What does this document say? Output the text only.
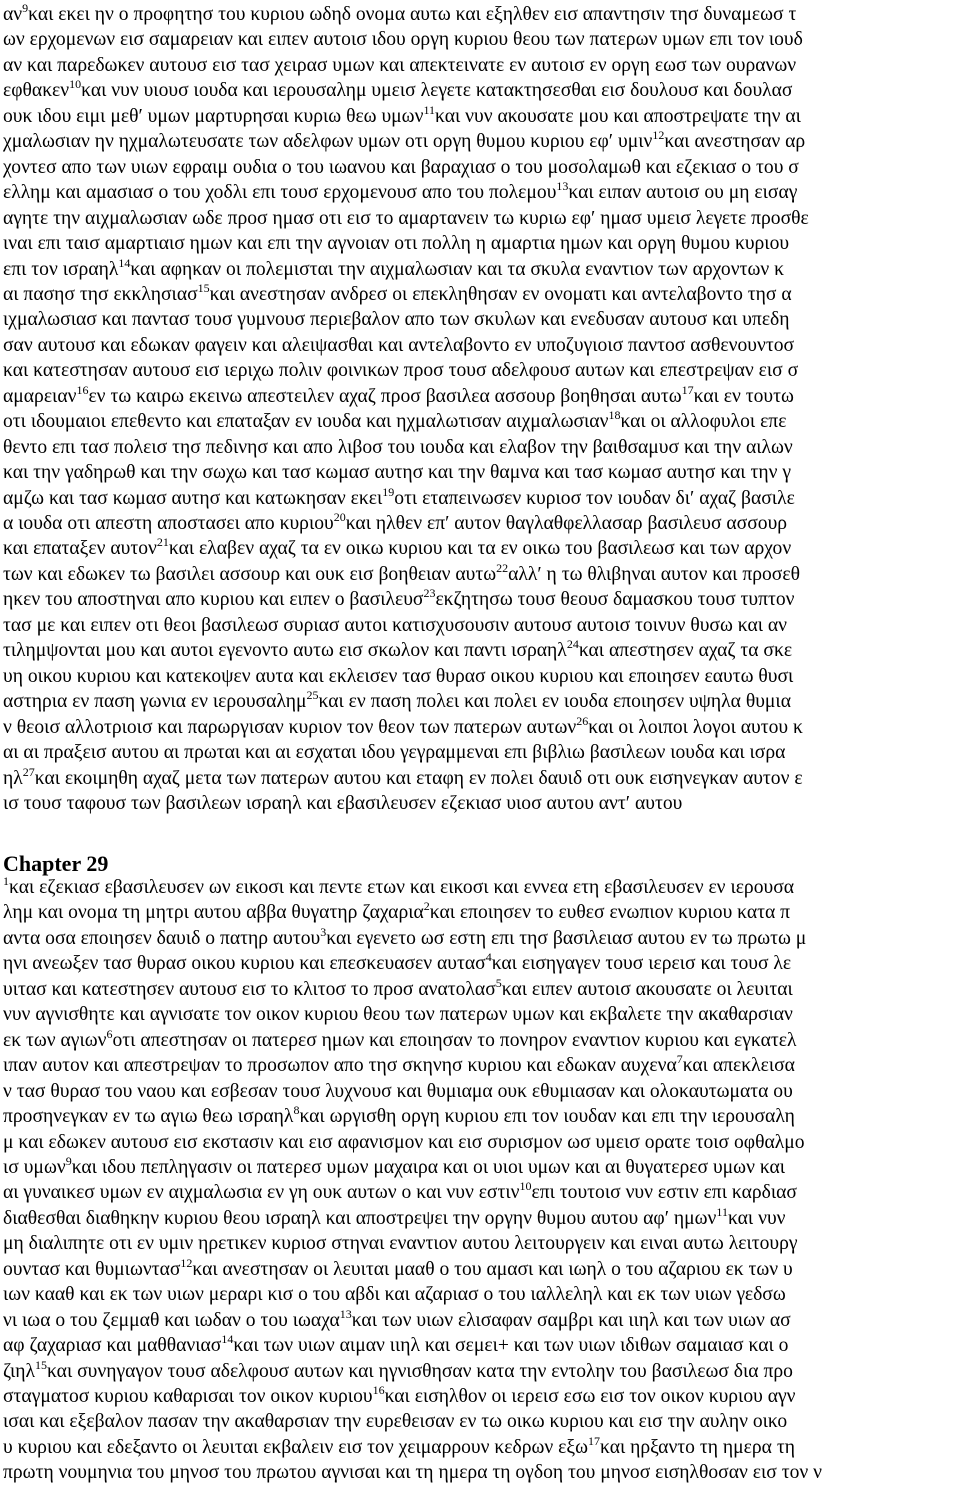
$\alpha\nu^9\kappa\alpha\iota$ εκει ην ο προφητησ του κυριου ωδηδ ονομα αυτω και εξηλθεν εισ απαντησιν τησ δυναμεωσ τ
ων ερχομενων εισ σαμαρειαν και ειπεν αυτοισ ιδου οργη κυριου θεου των πατερων υμων επι τον ιουδ
αν και παρεδωκεν αυτουσ εισ τασ χειρασ υμων και απεκτεινατε εν αυτοισ εν οργη εωσ των ουρανων
εφθακεν$^{10}$και νυν υιουσ ιουδα και ιερουσαλημ υμεισ λεγετε κατακτησεσθαι εισ δουλουσ και δουλασ
ουκ ιδου ειμι μεθ′ υμων μαρτυρησαι κυριω θεω υμων$^{11}$και νυν ακουσατε μου και αποστρεψατε την αι
χμαλωσιαν ην ηχμαλωτευσατε των αδελφων υμων οτι οργη θυμου κυριου εφ′ υμιν$^{12}$και ανεστησαν αρ
χοντεσ απο των υιων εφραιμ ουδια ο του ιωανου και βαραχιασ ο του μοσολαμωθ και εζεκιασ ο του σ
ελλημ και αμασιασ ο του χοδλι επι τουσ ερχομενουσ απο του πολεμου$^{13}$και ειπαν αυτοισ ου μη εισαγ
αγητε την αιχμαλωσιαν ωδε προσ ημασ οτι εισ το αμαρτανειν τω κυριω εφ′ ημασ υμεισ λεγετε προσθε
ιναι επι ταισ αμαρτιαισ ημων και επι την αγνοιαν οτι πολλη η αμαρτια ημων και οργη θυμου κυριου
επι τον ισραηλ$^{14}$και αφηκαν οι πολεμισται την αιχμαλωσιαν και τα σκυλα εναντιον των αρχοντων κ
αι πασησ τησ εκκλησιασ$^{15}$και ανεστησαν ανδρεσ οι επεκληθησαν εν ονοματι και αντελαβοντο τησ α
ιχμαλωσιασ και παντασ τουσ γυμνουσ περιεβαλον απο των σκυλων και ενεδυσαν αυτουσ και υπεδη
σαν αυτουσ και εδωκαν φαγειν και αλειψασθαι και αντελαβοντο εν υποζυγιοισ παντοσ ασθενουντοσ
και κατεστησαν αυτουσ εισ ιεριχω πολιν φοινικων προσ τουσ αδελφουσ αυτων και επεστρεψαν εισ σ
αμαρειαν$^{16}$εν τω καιρω εκεινω απεστειλεν αχαζ προσ βασιλεα ασσουρ βοηθησαι αυτω$^{17}$και εν τουτω
οτι ιδουμαιοι επεθεντο και επαταξαν εν ιουδα και ηχμαλωτισαν αιχμαλωσιαν$^{18}$και οι αλλοφυλοι επε
θεντο επι τασ πολεισ τησ πεδινησ και απο λιβοσ του ιουδα και ελαβον την βαιθσαμυσ και την αιλων
και την γαδηρωθ και την σωχω και τασ κωμασ αυτησ και την θαμνα και τασ κωμασ αυτησ και την γ
αμζω και τασ κωμασ αυτησ και κατωκησαν εκει$^{19}$οτι εταπεινωσεν κυριοσ τον ιουδαν δι′ αχαζ βασιλε
α ιουδα οτι απεστη αποστασει απο κυριου$^{20}$και ηλθεν επ′ αυτον θαγλαθφελλασαρ βασιλευσ ασσουρ
και επαταξεν αυτον$^{21}$και ελαβεν αχαζ τα εν οικω κυριου και τα εν οικω του βασιλεωσ και των αρχον
των και εδωκεν τω βασιλει ασσουρ και ουκ εισ βοηθειαν αυτω$^{22}$αλλ′ η τω θλιβηναι αυτον και προσεθ
ηκεν του αποστηναι απο κυριου και ειπεν ο βασιλευσ$^{23}$εκζητησω τουσ θεουσ δαμασκου τουσ τυπτον
τασ με και ειπεν οτι θεοι βασιλεωσ συριασ αυτοι κατισχυσουσιν αυτουσ αυτοισ τοινυν θυσω και αν
τιλημψονται μου και αυτοι εγενοντο αυτω εισ σκωλον και παντι ισραηλ$^{24}$και απεστησεν αχαζ τα σκε
υη οικου κυριου και κατεκοψεν αυτα και εκλεισεν τασ θυρασ οικου κυριου και εποιησεν εαυτω θυσι
αστηρια εν παση γωνια εν ιερουσαλημ$^{25}$και εν παση πολει και πολει εν ιουδα εποιησεν υψηλα θυμια
ν θεοισ αλλοτριοισ και παρωργισαν κυριον τον θεον των πατερων αυτων$^{26}$και οι λοιποι λογοι αυτου κ
αι αι πραξεισ αυτου αι πρωται και αι εσχαται ιδου γεγραμμεναι επι βιβλιω βασιλεων ιουδα και ισρα
$\eta\lambda^{27}\kappa\alpha\iota$ εκοιμηθη αχαζ μετα των πατερων αυτου και εταφη εν πολει δαυιδ οτι ουκ εισηνεγκαν αυτον ε
ισ τουσ ταφουσ των βασιλεων ισραηλ και εβασιλευσεν εζεκιασ υιοσ αυτου αντ′ αυτου
Chapter 29
$^1$και εζεκιασ εβασιλευσεν ων εικοσι και πεντε ετων και εικοσι και εννεα ετη εβασιλευσεν εν ιερουσα
λημ και ονομα τη μητρι αυτου αββα θυγατηρ ζαχαρια$^2$και εποιησεν το ευθεσ ενωπιον κυριου κατα π
αντα οσα εποιησεν δαυιδ ο πατηρ αυτου$^3$και εγενετο ωσ εστη επι τησ βασιλειασ αυτου εν τω πρωτω μ
ηνι ανεωξεν τασ θυρασ οικου κυριου και επεσκευασεν αυτασ$^4$και εισηγαγεν τουσ ιερεισ και τουσ λε
υιτασ και κατεστησεν αυτουσ εισ το κλιτοσ το προσ ανατολασ$^5$και ειπεν αυτοισ ακουσατε οι λευιται
νυν αγνισθητε και αγνισατε τον οικον κυριου θεου των πατερων υμων και εκβαλετε την ακαθαρσιαν
εκ των αγιων$^6$οτι απεστησαν οι πατερεσ ημων και εποιησαν το πονηρον εναντιον κυριου και εγκατελ
ιπαν αυτον και απεστρεψαν το προσωπον απο τησ σκηνησ κυριου και εδωκαν αυχενα$^7$και απεκλεισα
ν τασ θυρασ του ναου και εσβεσαν τουσ λυχνουσ και θυμιαμα ουκ εθυμιασαν και ολοκαυτωματα ου
προσηνεγκαν εν τω αγιω θεω ισραηλ$^8$και ωργισθη οργη κυριου επι τον ιουδαν και επι την ιερουσαλη
μ και εδωκεν αυτουσ εισ εκστασιν και εισ αφανισμον και εισ συρισμον ωσ υμεισ ορατε τοισ οφθαλμο
ισ υμων$^9$και ιδου πεπληγασιν οι πατερεσ υμων μαχαιρα και οι υιοι υμων και αι θυγατερεσ υμων και
αι γυναικεσ υμων εν αιχμαλωσια εν γη ουκ αυτων ο και νυν εστιν$^{10}$επι τουτοισ νυν εστιν επι καρδιασ
διαθεσθαι διαθηκην κυριου θεου ισραηλ και αποστρεψει την οργην θυμου αυτου αφ′ ημων$^{11}$και νυν
μη διαλιπητε οτι εν υμιν ηρετικεν κυριοσ στηναι εναντιον αυτου λειτουργειν και ειναι αυτω λειτουργ
ουντασ και θυμιωντασ$^{12}$και ανεστησαν οι λευιται μααθ ο του αμασι και ιωηλ ο του αζαριου εκ των υ
ιων κααθ και εκ των υιων μεραρι κισ ο του αβδι και αζαριασ ο του ιαλλεληλ και εκ των υιων γεδσω
νι ιωα ο του ζεμμαθ και ιωδαν ο του ιωαχα$^{13}$και των υιων ελισαφαν σαμβρι και ιιηλ και των υιων ασ
αφ ζαχαριασ και μαθθανιασ$^{14}$και των υιων αιμαν ιιηλ και σεμει+ και των υιων ιδιθων σαμαιασ και ο
ζιηλ$^{15}$και συνηγαγον τουσ αδελφουσ αυτων και ηγνισθησαν κατα την εντολην του βασιλεωσ δια προ
σταγματοσ κυριου καθαρισαι τον οικον κυριου$^{16}$και εισηλθον οι ιερεισ εσω εισ τον οικον κυριου αγν
ισαι και εξεβαλον πασαν την ακαθαρσιαν την ευρεθεισαν εν τω οικω κυριου και εισ την αυλην οικο
υ κυριου και εδεξαντο οι λευιται εκβαλειν εισ τον χειμαρρουν κεδρων εξω$^{17}$και ηρξαντο τη ημερα τη
πρωτη νουμηνια του μηνοσ του πρωτου αγνισαι και τη ημερα τη ογδοη του μηνοσ εισηλθοσαν εισ τον ν
